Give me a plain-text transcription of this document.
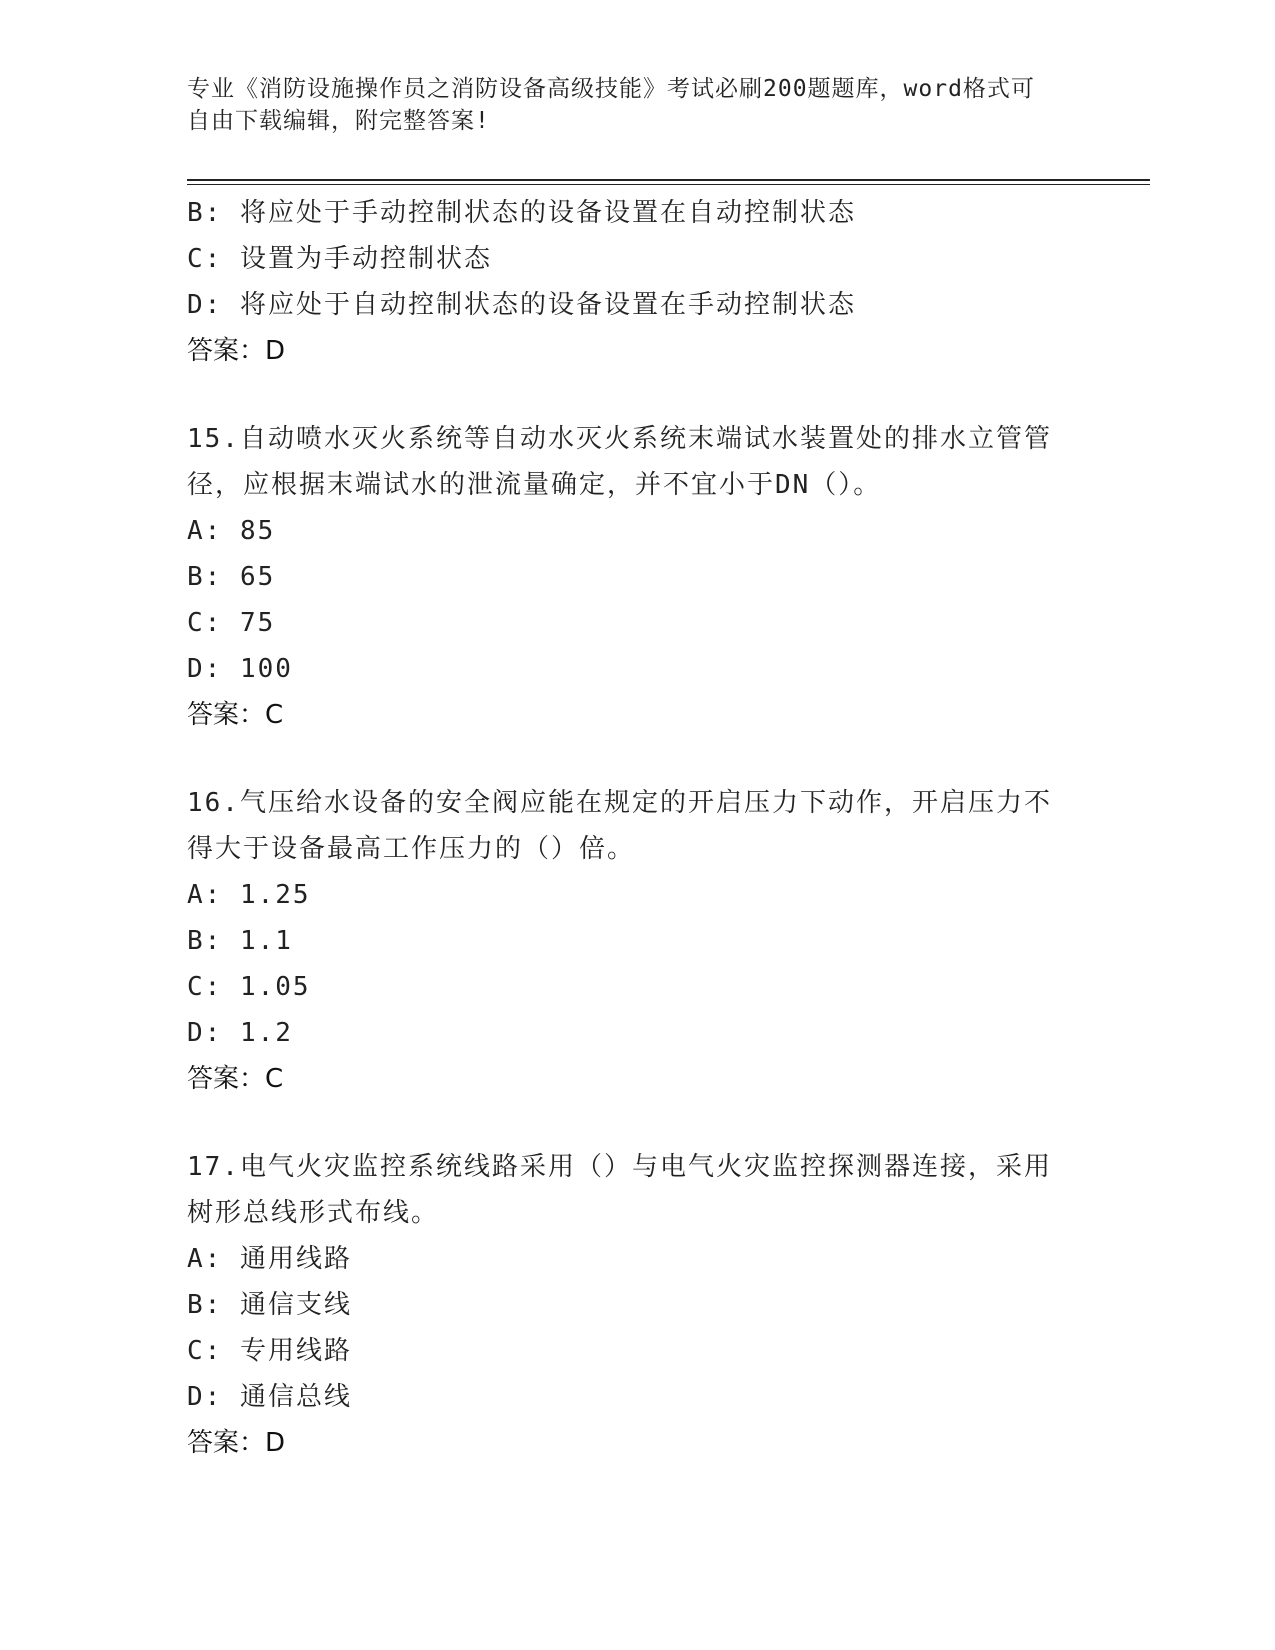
专业《消防设施操作员之消防设备高级技能》考试必刷200题题库，word格式可
自由下载编辑，附完整答案!

B: 将应处于手动控制状态的设备设置在自动控制状态

C: 设置为手动控制状态

D: 将应处于自动控制状态的设备设置在手动控制状态

答案：D

15.自动喷水灭火系统等自动水灭火系统末端试水装置处的排水立管管

径，应根据末端试水的泄流量确定，并不宜小于DN（）。

A: 85

B: 65

C: 75

D: 100

答案：C

16.气压给水设备的安全阀应能在规定的开启压力下动作，开启压力不

得大于设备最高工作压力的（）倍。

A: 1.25

B: 1.1

C: 1.05

D: 1.2

答案：C

17.电气火灾监控系统线路采用（）与电气火灾监控探测器连接，采用

树形总线形式布线。

A: 通用线路

B: 通信支线

C: 专用线路

D: 通信总线

答案：D
